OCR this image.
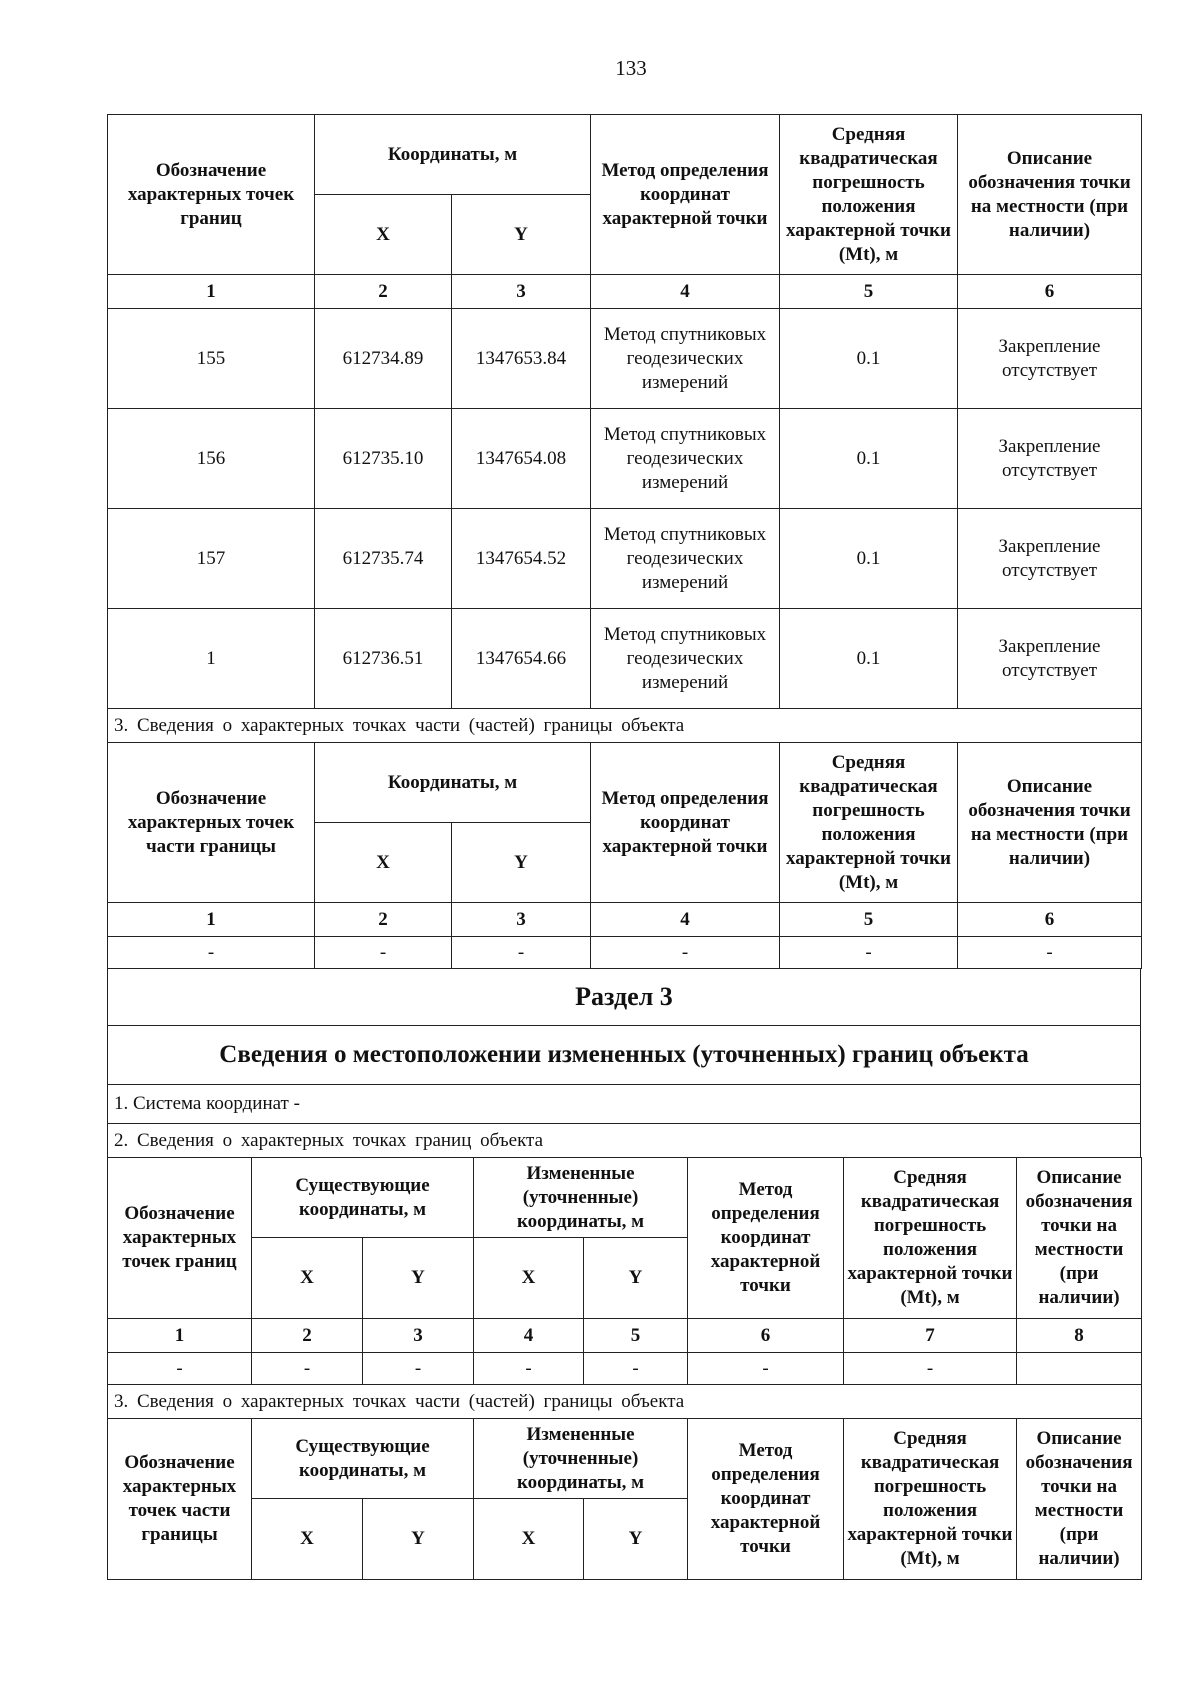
133
Обозначение характерных точек границ	Координаты, м		Метод определения координат характерной точки	Средняя квадратическая погрешность положения характерной точки (Mt), м	Описание обозначения точки на местности (при наличии)
	X	Y			
1	2	3	4	5	6
155	612734.89	1347653.84	Метод спутниковых геодезических измерений	0.1	Закрепление отсутствует
156	612735.10	1347654.08	Метод спутниковых геодезических измерений	0.1	Закрепление отсутствует
157	612735.74	1347654.52	Метод спутниковых геодезических измерений	0.1	Закрепление отсутствует
1	612736.51	1347654.66	Метод спутниковых геодезических измерений	0.1	Закрепление отсутствует
3. Сведения о характерных точках части (частей) границы объекта					
Обозначение характерных точек части границы	Координаты, м		Метод определения координат характерной точки	Средняя квадратическая погрешность положения характерной точки (Mt), м	Описание обозначения точки на местности (при наличии)
	X	Y			
1	2	3	4	5	6
-	-	-	-	-	-
Раздел 3
Сведения о местоположении измененных (уточненных) границ объекта
1. Система координат -
2. Сведения о характерных точках границ объекта
Обозначение характерных точек границ	Существующие координаты, м		Измененные (уточненные) координаты, м		Метод определения координат характерной точки	Средняя квадратическая погрешность положения характерной точки (Mt), м	Описание обозначения точки на местности (при наличии)
	X	Y	X	Y			
1	2	3	4	5	6	7	8
-	-	-	-	-	-	-	
3. Сведения о характерных точках части (частей) границы объекта							
Обозначение характерных точек части границы	Существующие координаты, м		Измененные (уточненные) координаты, м		Метод определения координат характерной точки	Средняя квадратическая погрешность положения характерной точки (Mt), м	Описание обозначения точки на местности (при наличии)
	X	Y	X	Y			
